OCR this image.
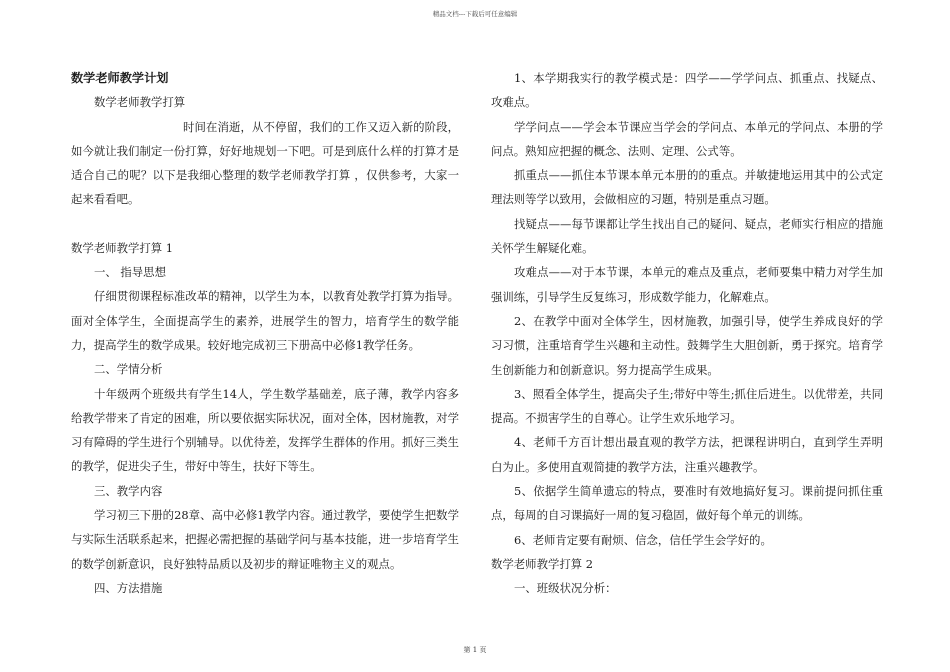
精品文档---下载后可任意编辑

数学老师教学计划

数学老师教学打算

时间在消逝，从不停留，我们的工作又迈入新的阶段，如今就让我们制定一份打算，好好地规划一下吧。可是到底什么样的打算才是适合自己的呢？以下是我细心整理的数学老师教学打算 ，仅供参考，大家一起来看看吧。

数学老师教学打算 1

一、 指导思想

仔细贯彻课程标准改革的精神，以学生为本，以教育处教学打算为指导。面对全体学生，全面提高学生的素养，进展学生的智力，培育学生的数学能力，提高学生的数学成果。较好地完成初三下册高中必修1教学任务。

二、学情分析

十年级两个班级共有学生14人，学生数学基础差，底子薄，教学内容多给教学带来了肯定的困难，所以要依据实际状况，面对全体，因材施教，对学习有障碍的学生进行个别辅导。以优待差，发挥学生群体的作用。抓好三类生的教学，促进尖子生，带好中等生，扶好下等生。

三、教学内容

学习初三下册的28章、高中必修1教学内容。通过教学，要使学生把数学与实际生活联系起来，把握必需把握的基础学问与基本技能，进一步培育学生的数学创新意识，良好独特品质以及初步的辩证唯物主义的观点。

四、方法措施

1、本学期我实行的教学模式是：四学——学学问点、抓重点、找疑点、攻难点。

学学问点——学会本节课应当学会的学问点、本单元的学问点、本册的学问点。熟知应把握的概念、法则、定理、公式等。

抓重点——抓住本节课本单元本册的的重点。并敏捷地运用其中的公式定理法则等学以致用，会做相应的习题，特别是重点习题。

找疑点——每节课都让学生找出自己的疑问、疑点，老师实行相应的措施关怀学生解疑化难。

攻难点——对于本节课，本单元的难点及重点，老师要集中精力对学生加强训练，引导学生反复练习，形成数学能力，化解难点。

2、在教学中面对全体学生，因材施教，加强引导，使学生养成良好的学习习惯，注重培育学生兴趣和主动性。鼓舞学生大胆创新，勇于探究。培育学生创新能力和创新意识。努力提高学生成果。

3、照看全体学生，提高尖子生;带好中等生;抓住后进生。以优带差，共同提高。不损害学生的自尊心。让学生欢乐地学习。

4、老师千方百计想出最直观的教学方法，把课程讲明白，直到学生弄明白为止。多使用直观简捷的教学方法，注重兴趣教学。

5、依据学生简单遗忘的特点，要准时有效地搞好复习。课前提问抓住重点，每周的自习课搞好一周的复习稳固，做好每个单元的训练。

6、老师肯定要有耐烦、信念，信任学生会学好的。

数学老师教学打算 2

一、班级状况分析：

第 1 页
